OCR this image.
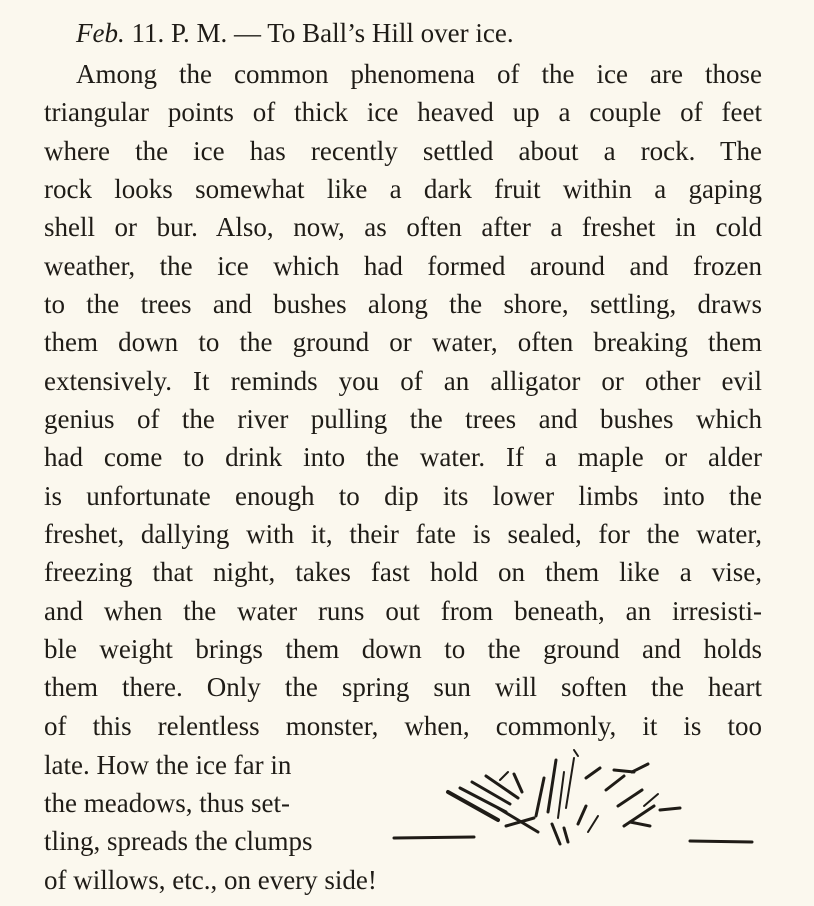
Feb. 11. P. M. — To Ball’s Hill over ice.
Among the common phenomena of the ice are those
triangular points of thick ice heaved up a couple of feet
where the ice has recently settled about a rock. The
rock looks somewhat like a dark fruit within a gaping
shell or bur. Also, now, as often after a freshet in cold
weather, the ice which had formed around and frozen
to the trees and bushes along the shore, settling, draws
them down to the ground or water, often breaking them
extensively. It reminds you of an alligator or other evil
genius of the river pulling the trees and bushes which
had come to drink into the water. If a maple or alder
is unfortunate enough to dip its lower limbs into the
freshet, dallying with it, their fate is sealed, for the water,
freezing that night, takes fast hold on them like a vise,
and when the water runs out from beneath, an irresisti-
ble weight brings them down to the ground and holds
them there. Only the spring sun will soften the heart
of this relentless monster, when, commonly, it is too
late. How the ice far in
the meadows, thus set-
tling, spreads the clumps
of willows, etc., on every side!
